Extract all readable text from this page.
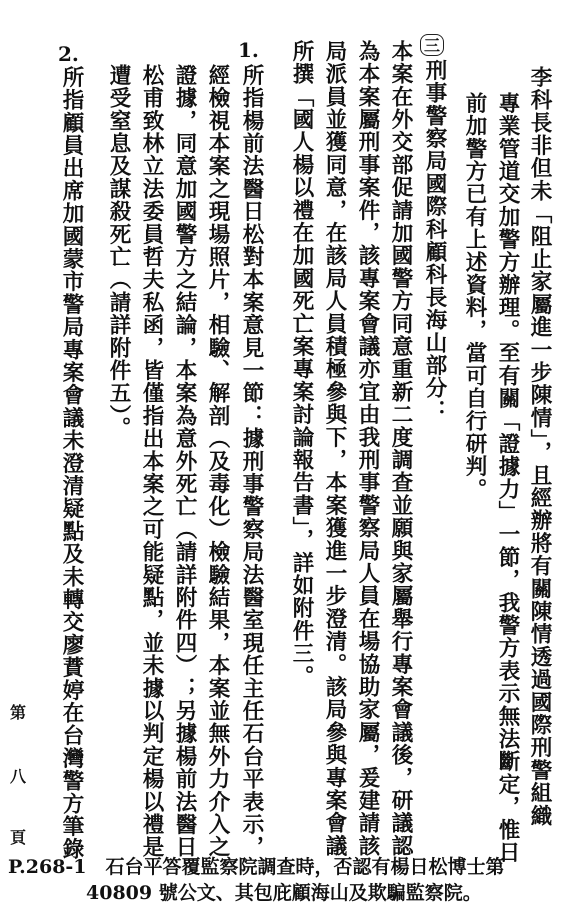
李科長非但未「阻止家屬進一步陳情」，且經辦將有關陳情透過國際刑警組織
專業管道交加警方辦理。至有關「證據力」一節，我警方表示無法斷定，惟日
前加警方已有上述資料，當可自行研判。
三
刑事警察局國際科顧科長海山部分：
本案在外交部促請加國警方同意重新二度調查並願與家屬舉行專案會議後，研議認
為本案屬刑事案件，該專案會議亦宜由我刑事警察局人員在場協助家屬，爰建請該
局派員並獲同意，在該局人員積極參與下，本案獲進一步澄清。該局參與專案會議
所撰「國人楊以禮在加國死亡案專案討論報告書」，詳如附件三。
1.
所指楊前法醫日松對本案意見一節：據刑事警察局法醫室現任主任石台平表示，
經檢視本案之現場照片，相驗、解剖（及毒化）檢驗結果，本案並無外力介入之
證據，同意加國警方之結論，本案為意外死亡（請詳附件四）；另據楊前法醫日
松甫致林立法委員哲夫私函，皆僅指出本案之可能疑點，並未據以判定楊以禮是
遭受窒息及謀殺死亡（請詳附件五）。
2.
所指顧員出席加國蒙市警局專案會議未澄清疑點及未轉交廖蕡婷在台灣警方筆錄
第
八
頁
P.268-1　石台平答覆監察院調查時，否認有楊日松博士第
40809 號公文、其包庇顧海山及欺騙監察院。
